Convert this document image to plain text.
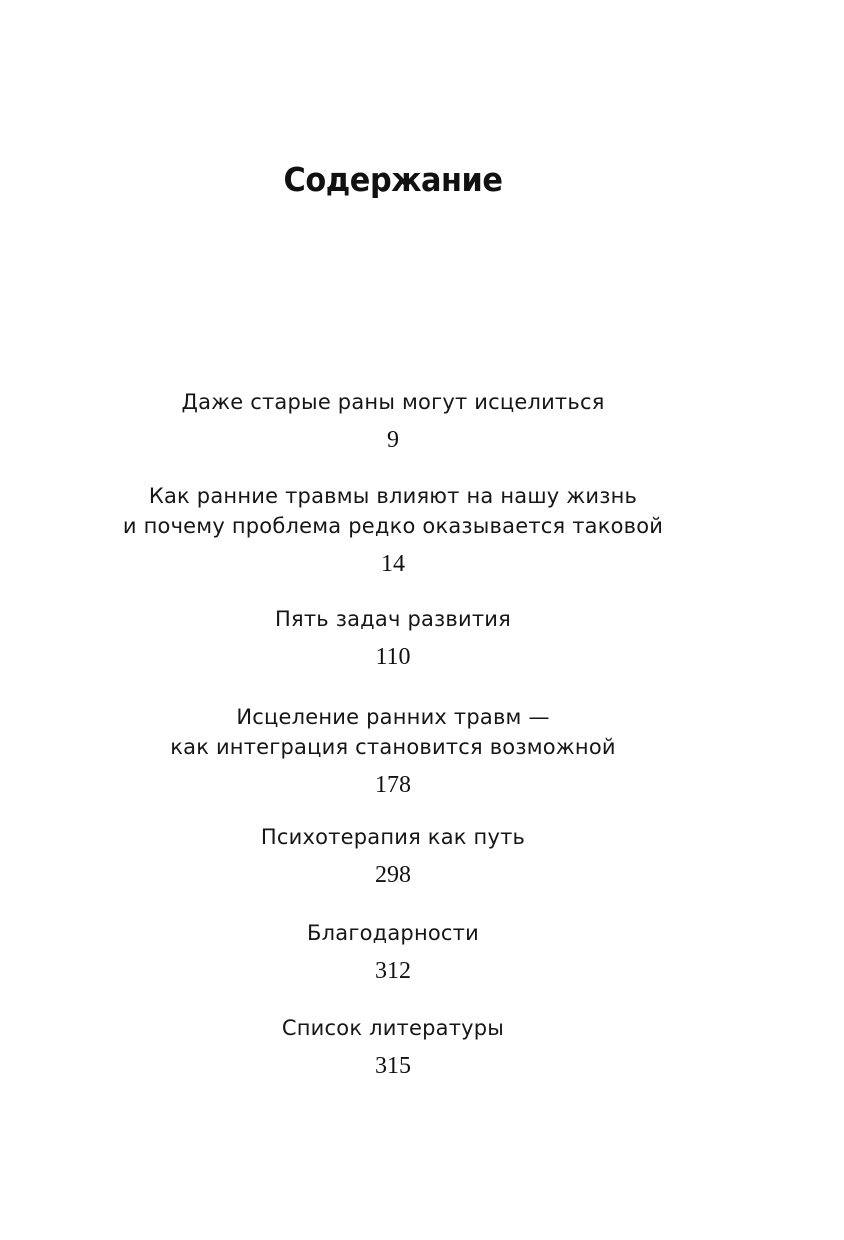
Содержание
Даже старые раны могут исцелиться
9
Как ранние травмы влияют на нашу жизнь
и почему проблема редко оказывается таковой
14
Пять задач развития
110
Исцеление ранних травм —
как интеграция становится возможной
178
Психотерапия как путь
298
Благодарности
312
Список литературы
315
